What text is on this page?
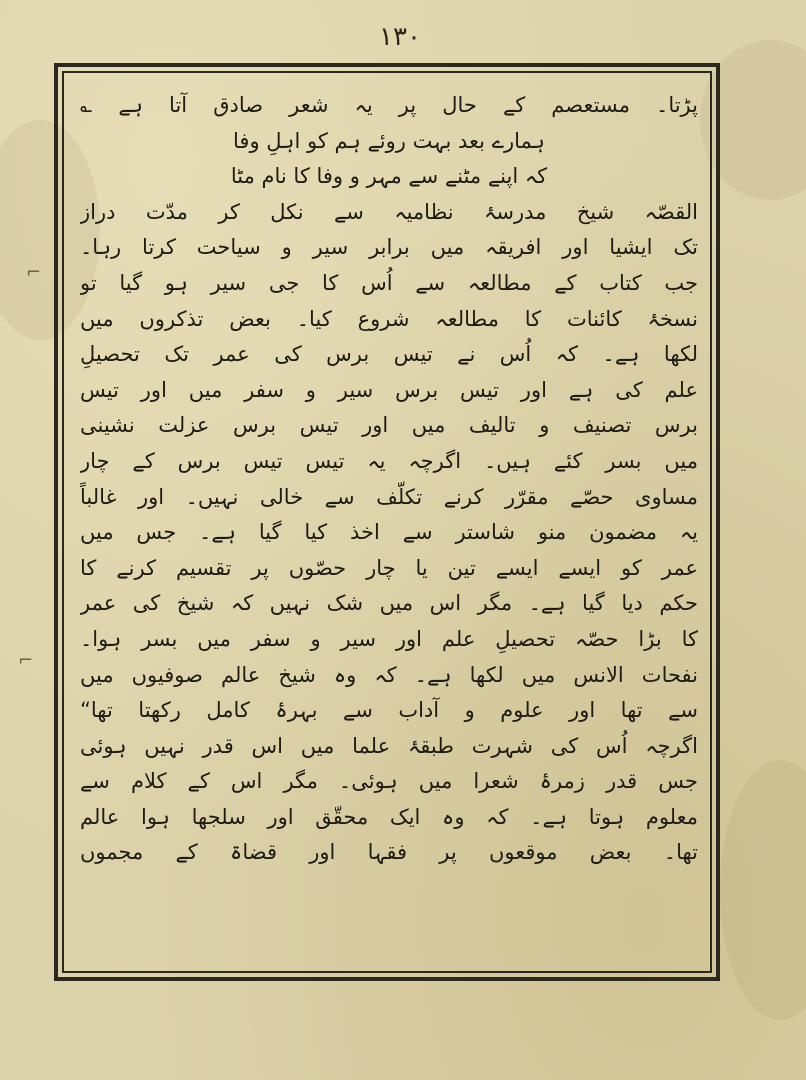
⌐
⌐
۱۳۰
پڑتا۔ مستعصم کے حال پر یہ شعر صادق آتا ہے ؎
ہمارے بعد بہت روئے ہم کو اہلِ وفا
کہ اپنے مٹنے سے مہر و وفا کا نام مٹا
القصّہ شیخ مدرسۂ نظامیہ سے نکل کر مدّت دراز
تک ایشیا اور افریقہ میں برابر سیر و سیاحت کرتا رہا۔
جب کتاب کے مطالعہ سے اُس کا جی سیر ہو گیا تو
نسخۂ کائنات کا مطالعہ شروع کیا۔ بعض تذکروں میں
لکھا ہے۔ کہ اُس نے تیس برس کی عمر تک تحصیلِ
علم کی ہے اور تیس برس سیر و سفر میں اور تیس
برس تصنیف و تالیف میں اور تیس برس عزلت نشینی
میں بسر کئے ہیں۔ اگرچہ یہ تیس تیس برس کے چار
مساوی حصّے مقرّر کرنے تکلّف سے خالی نہیں۔ اور غالباً
یہ مضمون منو شاستر سے اخذ کیا گیا ہے۔ جس میں
عمر کو ایسے ایسے تین یا چار حصّوں پر تقسیم کرنے کا
حکم دیا گیا ہے۔ مگر اس میں شک نہیں کہ شیخ کی عمر
کا بڑا حصّہ تحصیلِ علم اور سیر و سفر میں بسر ہوا۔
نفحات الانس میں لکھا ہے۔ کہ وہ شیخ عالم صوفیوں میں
سے تھا اور علوم و آداب سے بہرۂ کامل رکھتا تھا“
اگرچہ اُس کی شہرت طبقۂ علما میں اس قدر نہیں ہوئی
جس قدر زمرۂ شعرا میں ہوئی۔ مگر اس کے کلام سے
معلوم ہوتا ہے۔ کہ وہ ایک محقّق اور سلجھا ہوا عالم
تھا۔ بعض موقعوں پر فقہا اور قضاۃ کے مجموں
